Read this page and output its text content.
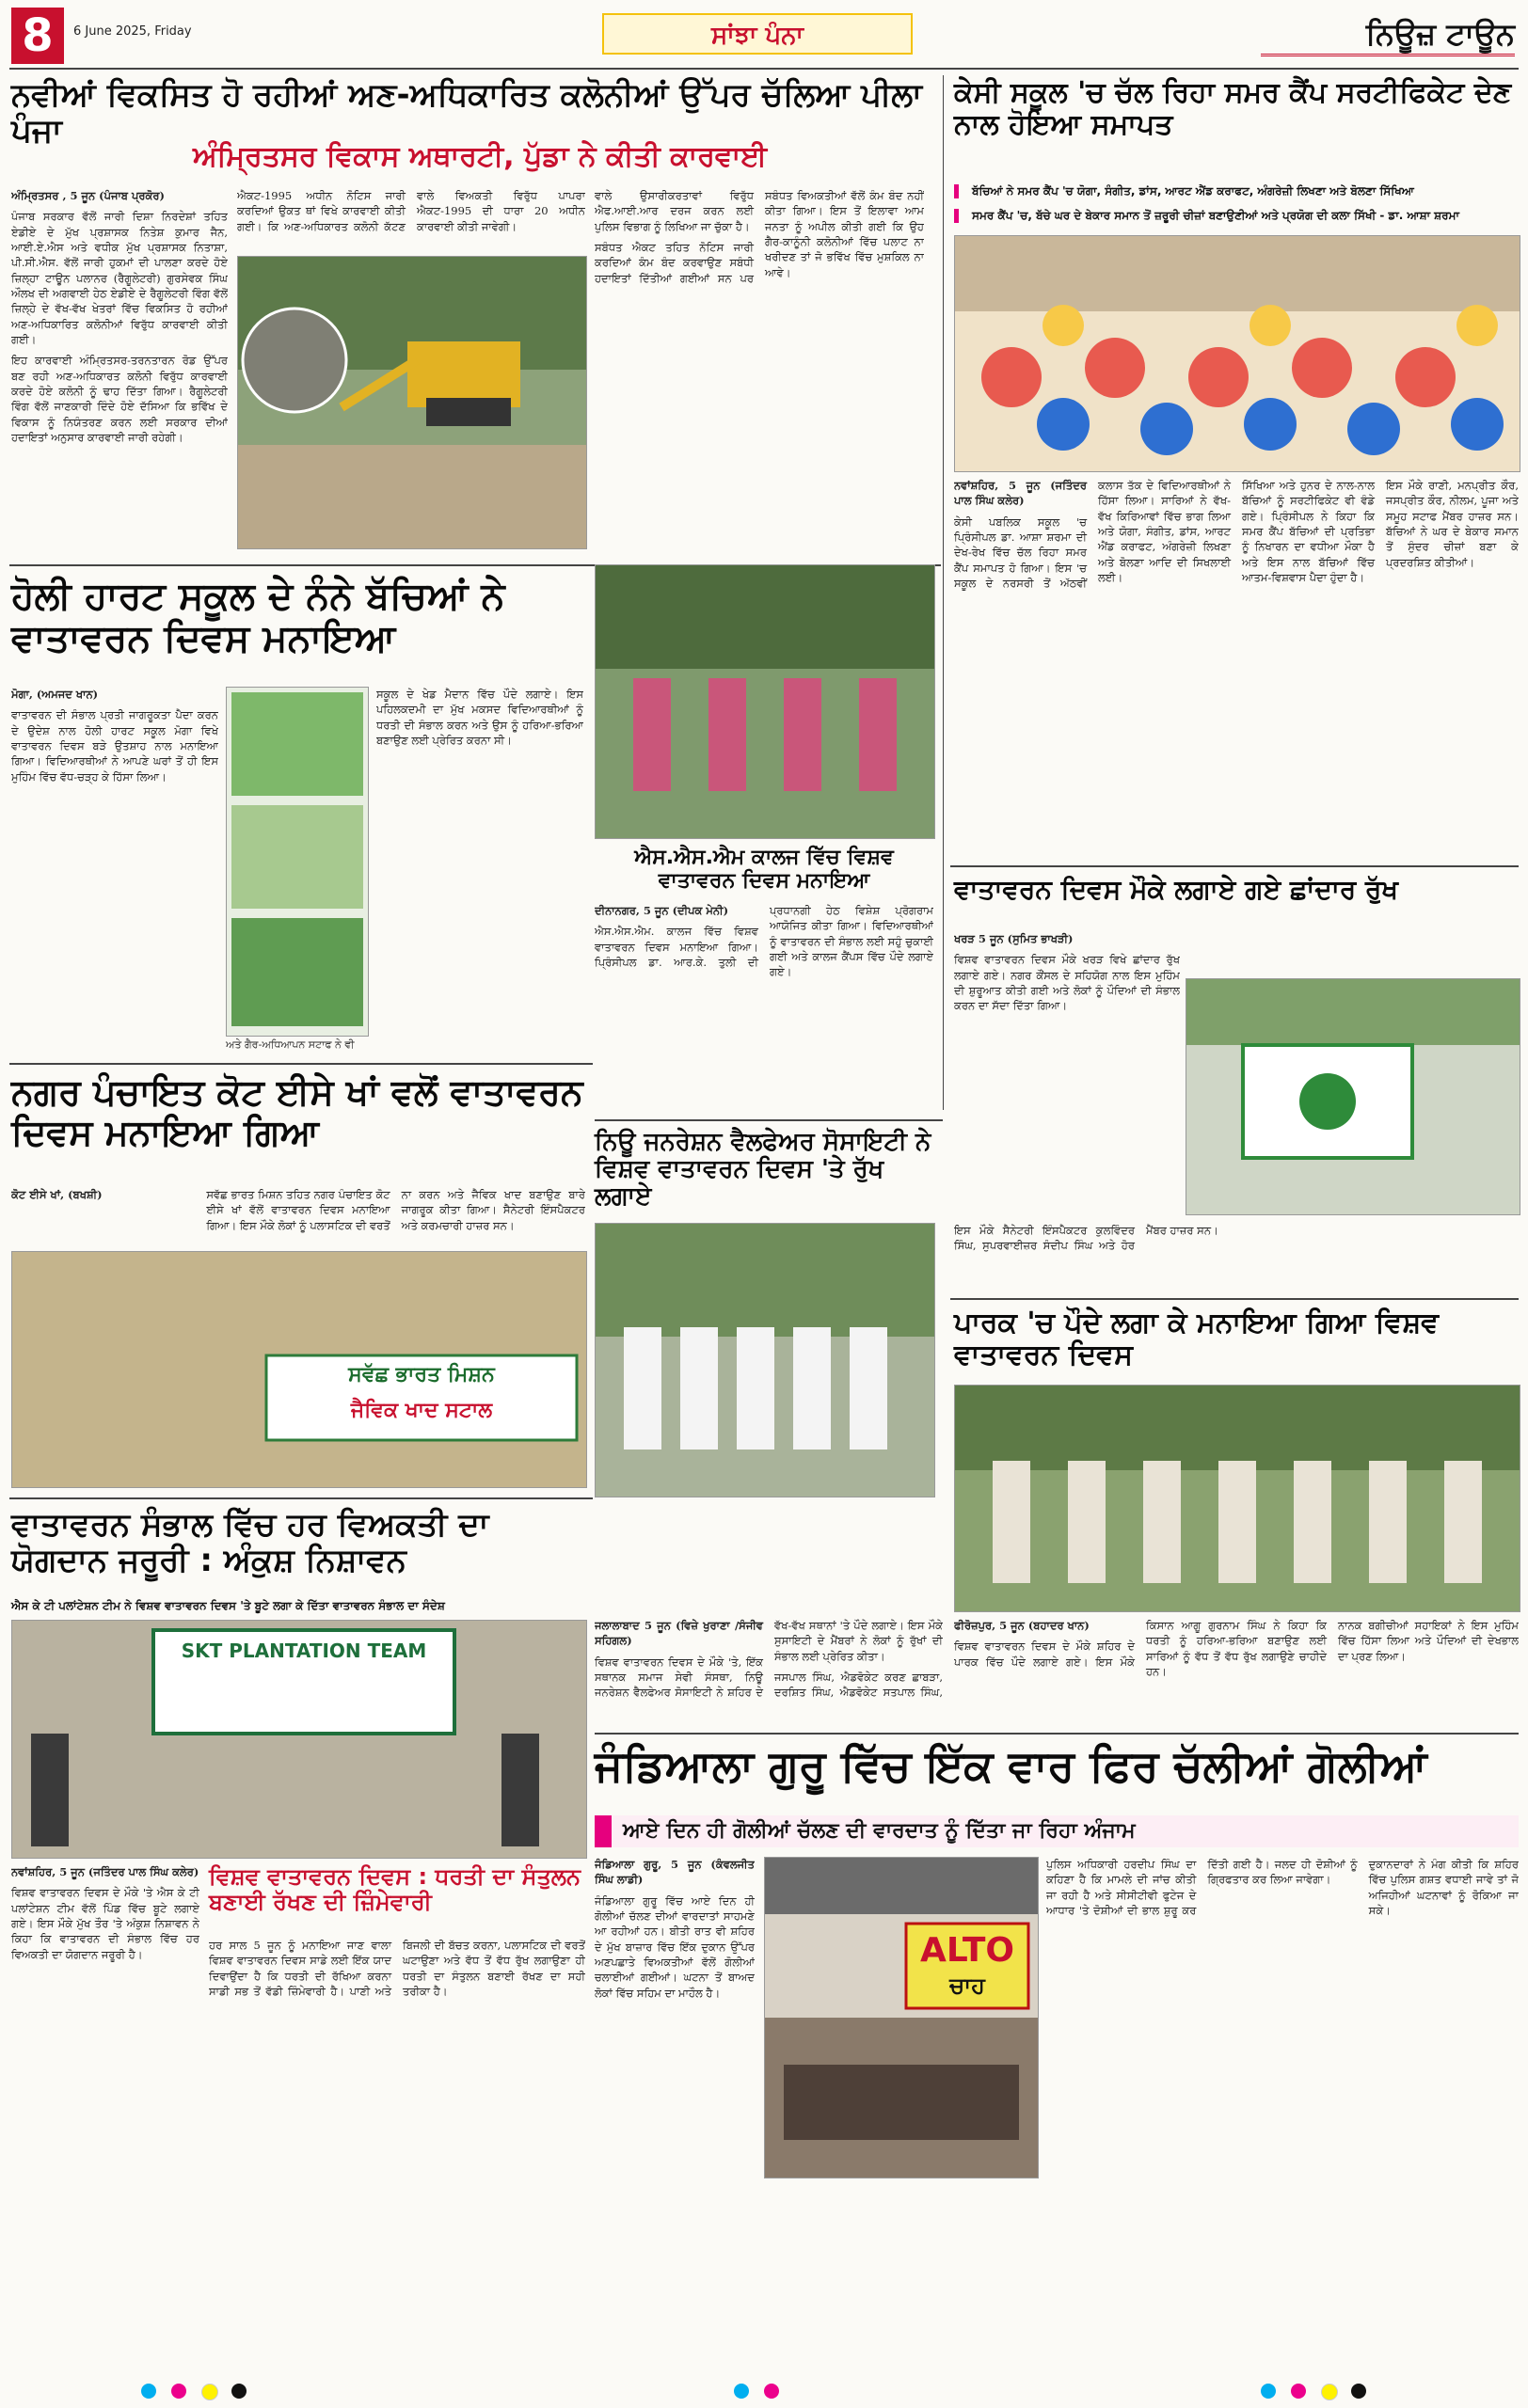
8	6 June 2025, Friday	ਸਾਂਝਾ ਪੰਨਾ	ਨਿਊਜ਼ ਟਾਊਨ
ਨਵੀਆਂ ਵਿਕਸਿਤ ਹੋ ਰਹੀਆਂ ਅਣ-ਅਧਿਕਾਰਿਤ ਕਲੋਨੀਆਂ ਉੱਪਰ ਚੱਲਿਆ ਪੀਲਾ ਪੰਜਾ
ਅੰਮ੍ਰਿਤਸਰ ਵਿਕਾਸ ਅਥਾਰਟੀ, ਪੁੱਡਾ ਨੇ ਕੀਤੀ ਕਾਰਵਾਈ

ਅੰਮ੍ਰਿਤਸਰ , 5 ਜੂਨ (ਪੰਜਾਬ ਪ੍ਰਕੋਰ)

ਪੰਜਾਬ ਸਰਕਾਰ ਵੱਲੋਂ ਜਾਰੀ ਦਿਸ਼ਾ ਨਿਰਦੇਸ਼ਾਂ ਤਹਿਤ ਏਡੀਏ ਦੇ ਮੁੱਖ ਪ੍ਰਸ਼ਾਸਕ ਨਿਤੇਸ਼ ਕੁਮਾਰ ਜੈਨ, ਆਈ.ਏ.ਐਸ ਅਤੇ ਵਧੀਕ ਮੁੱਖ ਪ੍ਰਸ਼ਾਸਕ ਨਿਤਾਸ਼ਾ, ਪੀ.ਸੀ.ਐਸ. ਵੱਲੋਂ ਜਾਰੀ ਹੁਕਮਾਂ ਦੀ ਪਾਲਣਾ ਕਰਦੇ ਹੋਏ ਜ਼ਿਲ੍ਹਾ ਟਾਊਨ ਪਲਾਨਰ (ਰੈਗੂਲੇਟਰੀ) ਗੁਰਸੇਵਕ ਸਿੰਘ ਔਲਖ ਦੀ ਅਗਵਾਈ ਹੇਠ ਏਡੀਏ ਦੇ ਰੈਗੂਲੇਟਰੀ ਵਿੰਗ ਵੱਲੋਂ ਜ਼ਿਲ੍ਹੇ ਦੇ ਵੱਖ-ਵੱਖ ਖੇਤਰਾਂ ਵਿੱਚ ਵਿਕਸਿਤ ਹੋ ਰਹੀਆਂ ਅਣ-ਅਧਿਕਾਰਿਤ ਕਲੋਨੀਆਂ ਵਿਰੁੱਧ ਕਾਰਵਾਈ ਕੀਤੀ ਗਈ।

ਇਹ ਕਾਰਵਾਈ ਅੰਮ੍ਰਿਤਸਰ-ਤਰਨਤਾਰਨ ਰੋਡ ਉੱਪਰ ਬਣ ਰਹੀ ਅਣ-ਅਧਿਕਾਰਤ ਕਲੋਨੀ ਵਿਰੁੱਧ ਕਾਰਵਾਈ ਕਰਦੇ ਹੋਏ ਕਲੋਨੀ ਨੂੰ ਢਾਹ ਦਿੱਤਾ ਗਿਆ। ਰੈਗੂਲੇਟਰੀ ਵਿੰਗ ਵੱਲੋਂ ਜਾਣਕਾਰੀ ਦਿੰਦੇ ਹੋਏ ਦੱਸਿਆ ਕਿ ਭਵਿੱਖ ਦੇ ਵਿਕਾਸ ਨੂੰ ਨਿਯੰਤਰਣ ਕਰਨ ਲਈ ਸਰਕਾਰ ਦੀਆਂ ਹਦਾਇਤਾਂ ਅਨੁਸਾਰ ਕਾਰਵਾਈ ਜਾਰੀ ਰਹੇਗੀ।

ਐਕਟ-1995 ਅਧੀਨ ਨੋਟਿਸ ਜਾਰੀ ਕਰਦਿਆਂ ਉਕਤ ਥਾਂ ਵਿਖੇ ਕਾਰਵਾਈ ਕੀਤੀ ਗਈ। ਕਿ ਅਣ-ਅਧਿਕਾਰਤ ਕਲੋਨੀ ਕੱਟਣ ਵਾਲੇ ਵਿਅਕਤੀ ਵਿਰੁੱਧ ਪਾਪਰਾ ਐਕਟ-1995 ਦੀ ਧਾਰਾ 20 ਅਧੀਨ ਕਾਰਵਾਈ ਕੀਤੀ ਜਾਵੇਗੀ।

ਵਾਲੇ ਉਸਾਰੀਕਰਤਾਵਾਂ ਵਿਰੁੱਧ ਐਫ.ਆਈ.ਆਰ ਦਰਜ ਕਰਨ ਲਈ ਪੁਲਿਸ ਵਿਭਾਗ ਨੂੰ ਲਿਖਿਆ ਜਾ ਚੁੱਕਾ ਹੈ।

ਸਬੰਧਤ ਐਕਟ ਤਹਿਤ ਨੋਟਿਸ ਜਾਰੀ ਕਰਦਿਆਂ ਕੰਮ ਬੰਦ ਕਰਵਾਉਣ ਸਬੰਧੀ ਹਦਾਇਤਾਂ ਦਿੱਤੀਆਂ ਗਈਆਂ ਸਨ ਪਰ ਸਬੰਧਤ ਵਿਅਕਤੀਆਂ ਵੱਲੋਂ ਕੰਮ ਬੰਦ ਨਹੀਂ ਕੀਤਾ ਗਿਆ। ਇਸ ਤੋਂ ਇਲਾਵਾ ਆਮ ਜਨਤਾ ਨੂੰ ਅਪੀਲ ਕੀਤੀ ਗਈ ਕਿ ਉਹ ਗੈਰ-ਕਾਨੂੰਨੀ ਕਲੋਨੀਆਂ ਵਿੱਚ ਪਲਾਟ ਨਾ ਖਰੀਦਣ ਤਾਂ ਜੋ ਭਵਿੱਖ ਵਿੱਚ ਮੁਸ਼ਕਿਲ ਨਾ ਆਵੇ।

ਕੇਸੀ ਸਕੂਲ 'ਚ ਚੱਲ ਰਿਹਾ ਸਮਰ ਕੈਂਪ ਸਰਟੀਫਿਕੇਟ ਦੇਣ ਨਾਲ ਹੋਇਆ ਸਮਾਪਤ
ਬੱਚਿਆਂ ਨੇ ਸਮਰ ਕੈਂਪ 'ਚ ਯੋਗਾ, ਸੰਗੀਤ, ਡਾਂਸ, ਆਰਟ ਐਂਡ ਕਰਾਫਟ, ਅੰਗਰੇਜ਼ੀ ਲਿਖਣਾ ਅਤੇ ਬੋਲਣਾ ਸਿੱਖਿਆ
ਸਮਰ ਕੈਂਪ 'ਚ, ਬੱਚੇ ਘਰ ਦੇ ਬੇਕਾਰ ਸਮਾਨ ਤੋਂ ਜ਼ਰੂਰੀ ਚੀਜ਼ਾਂ ਬਣਾਉਣੀਆਂ ਅਤੇ ਪ੍ਰਯੋਗ ਦੀ ਕਲਾ ਸਿੱਖੀ - ਡਾ. ਆਸ਼ਾ ਸ਼ਰਮਾ

ਨਵਾਂਸ਼ਹਿਰ, 5 ਜੂਨ (ਜਤਿੰਦਰ ਪਾਲ ਸਿੰਘ ਕਲੇਰ)

ਕੇਸੀ ਪਬਲਿਕ ਸਕੂਲ 'ਚ ਪ੍ਰਿੰਸੀਪਲ ਡਾ. ਆਸ਼ਾ ਸ਼ਰਮਾ ਦੀ ਦੇਖ-ਰੇਖ ਵਿੱਚ ਚੱਲ ਰਿਹਾ ਸਮਰ ਕੈਂਪ ਸਮਾਪਤ ਹੋ ਗਿਆ। ਇਸ 'ਚ ਸਕੂਲ ਦੇ ਨਰਸਰੀ ਤੋਂ ਅੱਠਵੀਂ ਕਲਾਸ ਤੱਕ ਦੇ ਵਿਦਿਆਰਥੀਆਂ ਨੇ ਹਿੱਸਾ ਲਿਆ। ਸਾਰਿਆਂ ਨੇ ਵੱਖ-ਵੱਖ ਕਿਰਿਆਵਾਂ ਵਿੱਚ ਭਾਗ ਲਿਆ ਅਤੇ ਯੋਗਾ, ਸੰਗੀਤ, ਡਾਂਸ, ਆਰਟ ਐਂਡ ਕਰਾਫਟ, ਅੰਗਰੇਜ਼ੀ ਲਿਖਣਾ ਅਤੇ ਬੋਲਣਾ ਆਦਿ ਦੀ ਸਿਖਲਾਈ ਲਈ।

ਸਿੱਖਿਆ ਅਤੇ ਹੁਨਰ ਦੇ ਨਾਲ-ਨਾਲ ਬੱਚਿਆਂ ਨੂੰ ਸਰਟੀਫਿਕੇਟ ਵੀ ਵੰਡੇ ਗਏ। ਪ੍ਰਿੰਸੀਪਲ ਨੇ ਕਿਹਾ ਕਿ ਸਮਰ ਕੈਂਪ ਬੱਚਿਆਂ ਦੀ ਪ੍ਰਤਿਭਾ ਨੂੰ ਨਿਖਾਰਨ ਦਾ ਵਧੀਆ ਮੌਕਾ ਹੈ ਅਤੇ ਇਸ ਨਾਲ ਬੱਚਿਆਂ ਵਿੱਚ ਆਤਮ-ਵਿਸ਼ਵਾਸ ਪੈਦਾ ਹੁੰਦਾ ਹੈ।

ਇਸ ਮੌਕੇ ਰਾਣੀ, ਮਨਪ੍ਰੀਤ ਕੌਰ, ਜਸਪ੍ਰੀਤ ਕੌਰ, ਨੀਲਮ, ਪੂਜਾ ਅਤੇ ਸਮੂਹ ਸਟਾਫ ਮੈਂਬਰ ਹਾਜ਼ਰ ਸਨ। ਬੱਚਿਆਂ ਨੇ ਘਰ ਦੇ ਬੇਕਾਰ ਸਮਾਨ ਤੋਂ ਸੁੰਦਰ ਚੀਜ਼ਾਂ ਬਣਾ ਕੇ ਪ੍ਰਦਰਸ਼ਿਤ ਕੀਤੀਆਂ।

ਹੋਲੀ ਹਾਰਟ ਸਕੂਲ ਦੇ ਨੰਨੇ ਬੱਚਿਆਂ ਨੇ ਵਾਤਾਵਰਨ ਦਿਵਸ ਮਨਾਇਆ

ਮੋਗਾ, (ਅਮਜਦ ਖਾਨ)

ਵਾਤਾਵਰਨ ਦੀ ਸੰਭਾਲ ਪ੍ਰਤੀ ਜਾਗਰੂਕਤਾ ਪੈਦਾ ਕਰਨ ਦੇ ਉਦੇਸ਼ ਨਾਲ ਹੋਲੀ ਹਾਰਟ ਸਕੂਲ ਮੋਗਾ ਵਿਖੇ ਵਾਤਾਵਰਨ ਦਿਵਸ ਬੜੇ ਉਤਸ਼ਾਹ ਨਾਲ ਮਨਾਇਆ ਗਿਆ। ਵਿਦਿਆਰਥੀਆਂ ਨੇ ਆਪਣੇ ਘਰਾਂ ਤੋਂ ਹੀ ਇਸ ਮੁਹਿੰਮ ਵਿੱਚ ਵੱਧ-ਚੜ੍ਹ ਕੇ ਹਿੱਸਾ ਲਿਆ।

ਅਤੇ ਗੈਰ-ਅਧਿਆਪਨ ਸਟਾਫ ਨੇ ਵੀ

ਸਕੂਲ ਦੇ ਖੇਡ ਮੈਦਾਨ ਵਿੱਚ ਪੌਦੇ ਲਗਾਏ। ਇਸ ਪਹਿਲਕਦਮੀ ਦਾ ਮੁੱਖ ਮਕਸਦ ਵਿਦਿਆਰਥੀਆਂ ਨੂੰ ਧਰਤੀ ਦੀ ਸੰਭਾਲ ਕਰਨ ਅਤੇ ਉਸ ਨੂੰ ਹਰਿਆ-ਭਰਿਆ ਬਣਾਉਣ ਲਈ ਪ੍ਰੇਰਿਤ ਕਰਨਾ ਸੀ।

ਐਸ.ਐਸ.ਐਮ ਕਾਲਜ ਵਿੱਚ ਵਿਸ਼ਵ ਵਾਤਾਵਰਨ ਦਿਵਸ ਮਨਾਇਆ

ਦੀਨਾਨਗਰ, 5 ਜੂਨ (ਦੀਪਕ ਮੇਨੀ)

ਐਸ.ਐਸ.ਐਮ. ਕਾਲਜ ਵਿੱਚ ਵਿਸ਼ਵ ਵਾਤਾਵਰਨ ਦਿਵਸ ਮਨਾਇਆ ਗਿਆ। ਪ੍ਰਿੰਸੀਪਲ ਡਾ. ਆਰ.ਕੇ. ਤੁਲੀ ਦੀ ਪ੍ਰਧਾਨਗੀ ਹੇਠ ਵਿਸ਼ੇਸ਼ ਪ੍ਰੋਗਰਾਮ ਆਯੋਜਿਤ ਕੀਤਾ ਗਿਆ। ਵਿਦਿਆਰਥੀਆਂ ਨੂੰ ਵਾਤਾਵਰਨ ਦੀ ਸੰਭਾਲ ਲਈ ਸਹੁੰ ਚੁਕਾਈ ਗਈ ਅਤੇ ਕਾਲਜ ਕੈਂਪਸ ਵਿੱਚ ਪੌਦੇ ਲਗਾਏ ਗਏ।

ਵਾਤਾਵਰਨ ਦਿਵਸ ਮੌਕੇ ਲਗਾਏ ਗਏ ਛਾਂਦਾਰ ਰੁੱਖ

ਖਰੜ 5 ਜੂਨ (ਸੁਮਿਤ ਭਾਖੜੀ)

ਵਿਸ਼ਵ ਵਾਤਾਵਰਨ ਦਿਵਸ ਮੌਕੇ ਖਰੜ ਵਿਖੇ ਛਾਂਦਾਰ ਰੁੱਖ ਲਗਾਏ ਗਏ। ਨਗਰ ਕੌਂਸਲ ਦੇ ਸਹਿਯੋਗ ਨਾਲ ਇਸ ਮੁਹਿੰਮ ਦੀ ਸ਼ੁਰੂਆਤ ਕੀਤੀ ਗਈ ਅਤੇ ਲੋਕਾਂ ਨੂੰ ਪੌਦਿਆਂ ਦੀ ਸੰਭਾਲ ਕਰਨ ਦਾ ਸੱਦਾ ਦਿੱਤਾ ਗਿਆ।

ਇਸ ਮੌਕੇ ਸੈਨੇਟਰੀ ਇੰਸਪੈਕਟਰ ਕੁਲਵਿੰਦਰ ਸਿੰਘ, ਸੁਪਰਵਾਈਜ਼ਰ ਸੰਦੀਪ ਸਿੰਘ ਅਤੇ ਹੋਰ ਮੈਂਬਰ ਹਾਜ਼ਰ ਸਨ।

ਨਗਰ ਪੰਚਾਇਤ ਕੋਟ ਈਸੇ ਖਾਂ ਵਲੋਂ ਵਾਤਾਵਰਨ ਦਿਵਸ ਮਨਾਇਆ ਗਿਆ

ਕੋਟ ਈਸੇ ਖਾਂ, (ਬਖਸ਼ੀ)	ਸਵੱਛ ਭਾਰਤ ਮਿਸ਼ਨ ਤਹਿਤ ਨਗਰ ਪੰਚਾਇਤ ਕੋਟ ਈਸੇ ਖਾਂ ਵੱਲੋਂ ਵਾਤਾਵਰਨ ਦਿਵਸ ਮਨਾਇਆ ਗਿਆ। ਇਸ ਮੌਕੇ ਲੋਕਾਂ ਨੂੰ ਪਲਾਸਟਿਕ ਦੀ ਵਰਤੋਂ ਨਾ ਕਰਨ ਅਤੇ ਜੈਵਿਕ ਖਾਦ ਬਣਾਉਣ ਬਾਰੇ ਜਾਗਰੂਕ ਕੀਤਾ ਗਿਆ। ਸੈਨੇਟਰੀ ਇੰਸਪੈਕਟਰ ਅਤੇ ਕਰਮਚਾਰੀ ਹਾਜ਼ਰ ਸਨ।

ਸਵੱਛ ਭਾਰਤ ਮਿਸ਼ਨ
ਜੈਵਿਕ ਖਾਦ ਸਟਾਲ
ਨਿਊ ਜਨਰੇਸ਼ਨ ਵੈਲਫੇਅਰ ਸੋਸਾਇਟੀ ਨੇ ਵਿਸ਼ਵ ਵਾਤਾਵਰਨ ਦਿਵਸ 'ਤੇ ਰੁੱਖ ਲਗਾਏ
ਪਾਰਕ 'ਚ ਪੌਦੇ ਲਗਾ ਕੇ ਮਨਾਇਆ ਗਿਆ ਵਿਸ਼ਵ ਵਾਤਾਵਰਨ ਦਿਵਸ

ਫੀਰੋਜ਼ਪੁਰ, 5 ਜੂਨ (ਬਹਾਦਰ ਖਾਨ)

ਵਿਸ਼ਵ ਵਾਤਾਵਰਨ ਦਿਵਸ ਦੇ ਮੌਕੇ ਸ਼ਹਿਰ ਦੇ ਪਾਰਕ ਵਿੱਚ ਪੌਦੇ ਲਗਾਏ ਗਏ। ਇਸ ਮੌਕੇ ਕਿਸਾਨ ਆਗੂ ਗੁਰਨਾਮ ਸਿੰਘ ਨੇ ਕਿਹਾ ਕਿ ਧਰਤੀ ਨੂੰ ਹਰਿਆ-ਭਰਿਆ ਬਣਾਉਣ ਲਈ ਸਾਰਿਆਂ ਨੂੰ ਵੱਧ ਤੋਂ ਵੱਧ ਰੁੱਖ ਲਗਾਉਣੇ ਚਾਹੀਦੇ ਹਨ।

ਨਾਨਕ ਬਗੀਚੀਆਂ ਸਹਾਇਕਾਂ ਨੇ ਇਸ ਮੁਹਿੰਮ ਵਿੱਚ ਹਿੱਸਾ ਲਿਆ ਅਤੇ ਪੌਦਿਆਂ ਦੀ ਦੇਖਭਾਲ ਦਾ ਪ੍ਰਣ ਲਿਆ।

ਜਲਾਲਾਬਾਦ 5 ਜੂਨ (ਵਿਜ਼ੇ ਖੁਰਾਣਾ /ਸੰਜੀਵ ਸਹਿਗਲ)

ਵਿਸ਼ਵ ਵਾਤਾਵਰਨ ਦਿਵਸ ਦੇ ਮੌਕੇ 'ਤੇ, ਇੱਕ ਸਥਾਨਕ ਸਮਾਜ ਸੇਵੀ ਸੰਸਥਾ, ਨਿਊ ਜਨਰੇਸ਼ਨ ਵੈਲਫੇਅਰ ਸੋਸਾਇਟੀ ਨੇ ਸ਼ਹਿਰ ਦੇ ਵੱਖ-ਵੱਖ ਸਥਾਨਾਂ 'ਤੇ ਪੌਦੇ ਲਗਾਏ। ਇਸ ਮੌਕੇ ਸੁਸਾਇਟੀ ਦੇ ਮੈਂਬਰਾਂ ਨੇ ਲੋਕਾਂ ਨੂੰ ਰੁੱਖਾਂ ਦੀ ਸੰਭਾਲ ਲਈ ਪ੍ਰੇਰਿਤ ਕੀਤਾ।

ਜਸਪਾਲ ਸਿੰਘ, ਐਡਵੋਕੇਟ ਕਰਣ ਛਾਬੜਾ, ਦਰਸ਼ਿਤ ਸਿੰਘ, ਐਡਵੋਕੇਟ ਸਤਪਾਲ ਸਿੰਘ,

ਵਾਤਾਵਰਨ ਸੰਭਾਲ ਵਿੱਚ ਹਰ ਵਿਅਕਤੀ ਦਾ ਯੋਗਦਾਨ ਜਰੂਰੀ : ਅੰਕੁਸ਼ ਨਿਸ਼ਾਵਨ
ਐਸ ਕੇ ਟੀ ਪਲਾਂਟੇਸ਼ਨ ਟੀਮ ਨੇ ਵਿਸ਼ਵ ਵਾਤਾਵਰਨ ਦਿਵਸ 'ਤੇ ਬੂਟੇ ਲਗਾ ਕੇ ਦਿੱਤਾ ਵਾਤਾਵਰਨ ਸੰਭਾਲ ਦਾ ਸੰਦੇਸ਼
SKT PLANTATION TEAM

ਨਵਾਂਸ਼ਹਿਰ, 5 ਜੂਨ (ਜਤਿੰਦਰ ਪਾਲ ਸਿੰਘ ਕਲੇਰ)

ਵਿਸ਼ਵ ਵਾਤਾਵਰਨ ਦਿਵਸ ਦੇ ਮੌਕੇ 'ਤੇ ਐਸ ਕੇ ਟੀ ਪਲਾਂਟੇਸ਼ਨ ਟੀਮ ਵੱਲੋਂ ਪਿੰਡ ਵਿੱਚ ਬੂਟੇ ਲਗਾਏ ਗਏ। ਇਸ ਮੌਕੇ ਮੁੱਖ ਤੌਰ 'ਤੇ ਅੰਕੁਸ਼ ਨਿਸ਼ਾਵਨ ਨੇ ਕਿਹਾ ਕਿ ਵਾਤਾਵਰਨ ਦੀ ਸੰਭਾਲ ਵਿੱਚ ਹਰ ਵਿਅਕਤੀ ਦਾ ਯੋਗਦਾਨ ਜਰੂਰੀ ਹੈ।

ਵਿਸ਼ਵ ਵਾਤਾਵਰਨ ਦਿਵਸ : ਧਰਤੀ ਦਾ ਸੰਤੁਲਨ ਬਣਾਈ ਰੱਖਣ ਦੀ ਜ਼ਿੰਮੇਵਾਰੀ

ਹਰ ਸਾਲ 5 ਜੂਨ ਨੂੰ ਮਨਾਇਆ ਜਾਣ ਵਾਲਾ ਵਿਸ਼ਵ ਵਾਤਾਵਰਨ ਦਿਵਸ ਸਾਡੇ ਲਈ ਇੱਕ ਯਾਦ ਦਿਵਾਉਂਦਾ ਹੈ ਕਿ ਧਰਤੀ ਦੀ ਰੱਖਿਆ ਕਰਨਾ ਸਾਡੀ ਸਭ ਤੋਂ ਵੱਡੀ ਜ਼ਿੰਮੇਵਾਰੀ ਹੈ। ਪਾਣੀ ਅਤੇ ਬਿਜਲੀ ਦੀ ਬੱਚਤ ਕਰਨਾ, ਪਲਾਸਟਿਕ ਦੀ ਵਰਤੋਂ ਘਟਾਉਣਾ ਅਤੇ ਵੱਧ ਤੋਂ ਵੱਧ ਰੁੱਖ ਲਗਾਉਣਾ ਹੀ ਧਰਤੀ ਦਾ ਸੰਤੁਲਨ ਬਣਾਈ ਰੱਖਣ ਦਾ ਸਹੀ ਤਰੀਕਾ ਹੈ।

ਜੰਡਿਆਲਾ ਗੁਰੂ ਵਿੱਚ ਇੱਕ ਵਾਰ ਫਿਰ ਚੱਲੀਆਂ ਗੋਲੀਆਂ
ਆਏ ਦਿਨ ਹੀ ਗੋਲੀਆਂ ਚੱਲਣ ਦੀ ਵਾਰਦਾਤ ਨੂੰ ਦਿੱਤਾ ਜਾ ਰਿਹਾ ਅੰਜਾਮ

ਜੰਡਿਆਲਾ ਗੁਰੂ, 5 ਜੂਨ (ਕੰਵਲਜੀਤ ਸਿੰਘ ਲਾਡੀ)

ਜੰਡਿਆਲਾ ਗੁਰੂ ਵਿੱਚ ਆਏ ਦਿਨ ਹੀ ਗੋਲੀਆਂ ਚੱਲਣ ਦੀਆਂ ਵਾਰਦਾਤਾਂ ਸਾਹਮਣੇ ਆ ਰਹੀਆਂ ਹਨ। ਬੀਤੀ ਰਾਤ ਵੀ ਸ਼ਹਿਰ ਦੇ ਮੁੱਖ ਬਾਜ਼ਾਰ ਵਿੱਚ ਇੱਕ ਦੁਕਾਨ ਉੱਪਰ ਅਣਪਛਾਤੇ ਵਿਅਕਤੀਆਂ ਵੱਲੋਂ ਗੋਲੀਆਂ ਚਲਾਈਆਂ ਗਈਆਂ। ਘਟਨਾ ਤੋਂ ਬਾਅਦ ਲੋਕਾਂ ਵਿੱਚ ਸਹਿਮ ਦਾ ਮਾਹੌਲ ਹੈ।

ALTO
ਚਾਹ

ਪੁਲਿਸ ਅਧਿਕਾਰੀ ਹਰਦੀਪ ਸਿੰਘ ਦਾ ਕਹਿਣਾ ਹੈ ਕਿ ਮਾਮਲੇ ਦੀ ਜਾਂਚ ਕੀਤੀ ਜਾ ਰਹੀ ਹੈ ਅਤੇ ਸੀਸੀਟੀਵੀ ਫੁਟੇਜ ਦੇ ਆਧਾਰ 'ਤੇ ਦੋਸ਼ੀਆਂ ਦੀ ਭਾਲ ਸ਼ੁਰੂ ਕਰ ਦਿੱਤੀ ਗਈ ਹੈ। ਜਲਦ ਹੀ ਦੋਸ਼ੀਆਂ ਨੂੰ ਗ੍ਰਿਫਤਾਰ ਕਰ ਲਿਆ ਜਾਵੇਗਾ।

ਦੁਕਾਨਦਾਰਾਂ ਨੇ ਮੰਗ ਕੀਤੀ ਕਿ ਸ਼ਹਿਰ ਵਿੱਚ ਪੁਲਿਸ ਗਸ਼ਤ ਵਧਾਈ ਜਾਵੇ ਤਾਂ ਜੋ ਅਜਿਹੀਆਂ ਘਟਨਾਵਾਂ ਨੂੰ ਰੋਕਿਆ ਜਾ ਸਕੇ।
